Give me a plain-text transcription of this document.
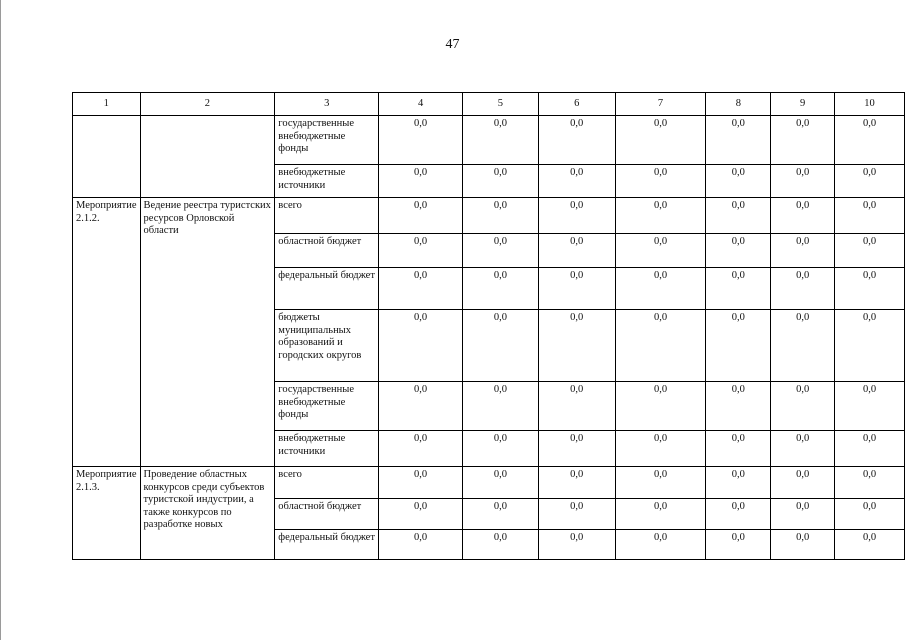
47
1	2	3	4	5	6	7	8	9	10
		государственные внебюджетные фонды	0,0	0,0	0,0	0,0	0,0	0,0	0,0
		внебюджетные источники	0,0	0,0	0,0	0,0	0,0	0,0	0,0
Мероприятие 2.1.2.	Ведение реестра туристских ресурсов Орловской области	всего	0,0	0,0	0,0	0,0	0,0	0,0	0,0
		областной бюджет	0,0	0,0	0,0	0,0	0,0	0,0	0,0
		федеральный бюджет	0,0	0,0	0,0	0,0	0,0	0,0	0,0
		бюджеты муниципальных образований и городских округов	0,0	0,0	0,0	0,0	0,0	0,0	0,0
		государственные внебюджетные фонды	0,0	0,0	0,0	0,0	0,0	0,0	0,0
		внебюджетные источники	0,0	0,0	0,0	0,0	0,0	0,0	0,0
Мероприятие 2.1.3.	Проведение областных конкурсов среди субъектов туристской индустрии, а также конкурсов по разработке новых	всего	0,0	0,0	0,0	0,0	0,0	0,0	0,0
		областной бюджет	0,0	0,0	0,0	0,0	0,0	0,0	0,0
		федеральный бюджет	0,0	0,0	0,0	0,0	0,0	0,0	0,0
